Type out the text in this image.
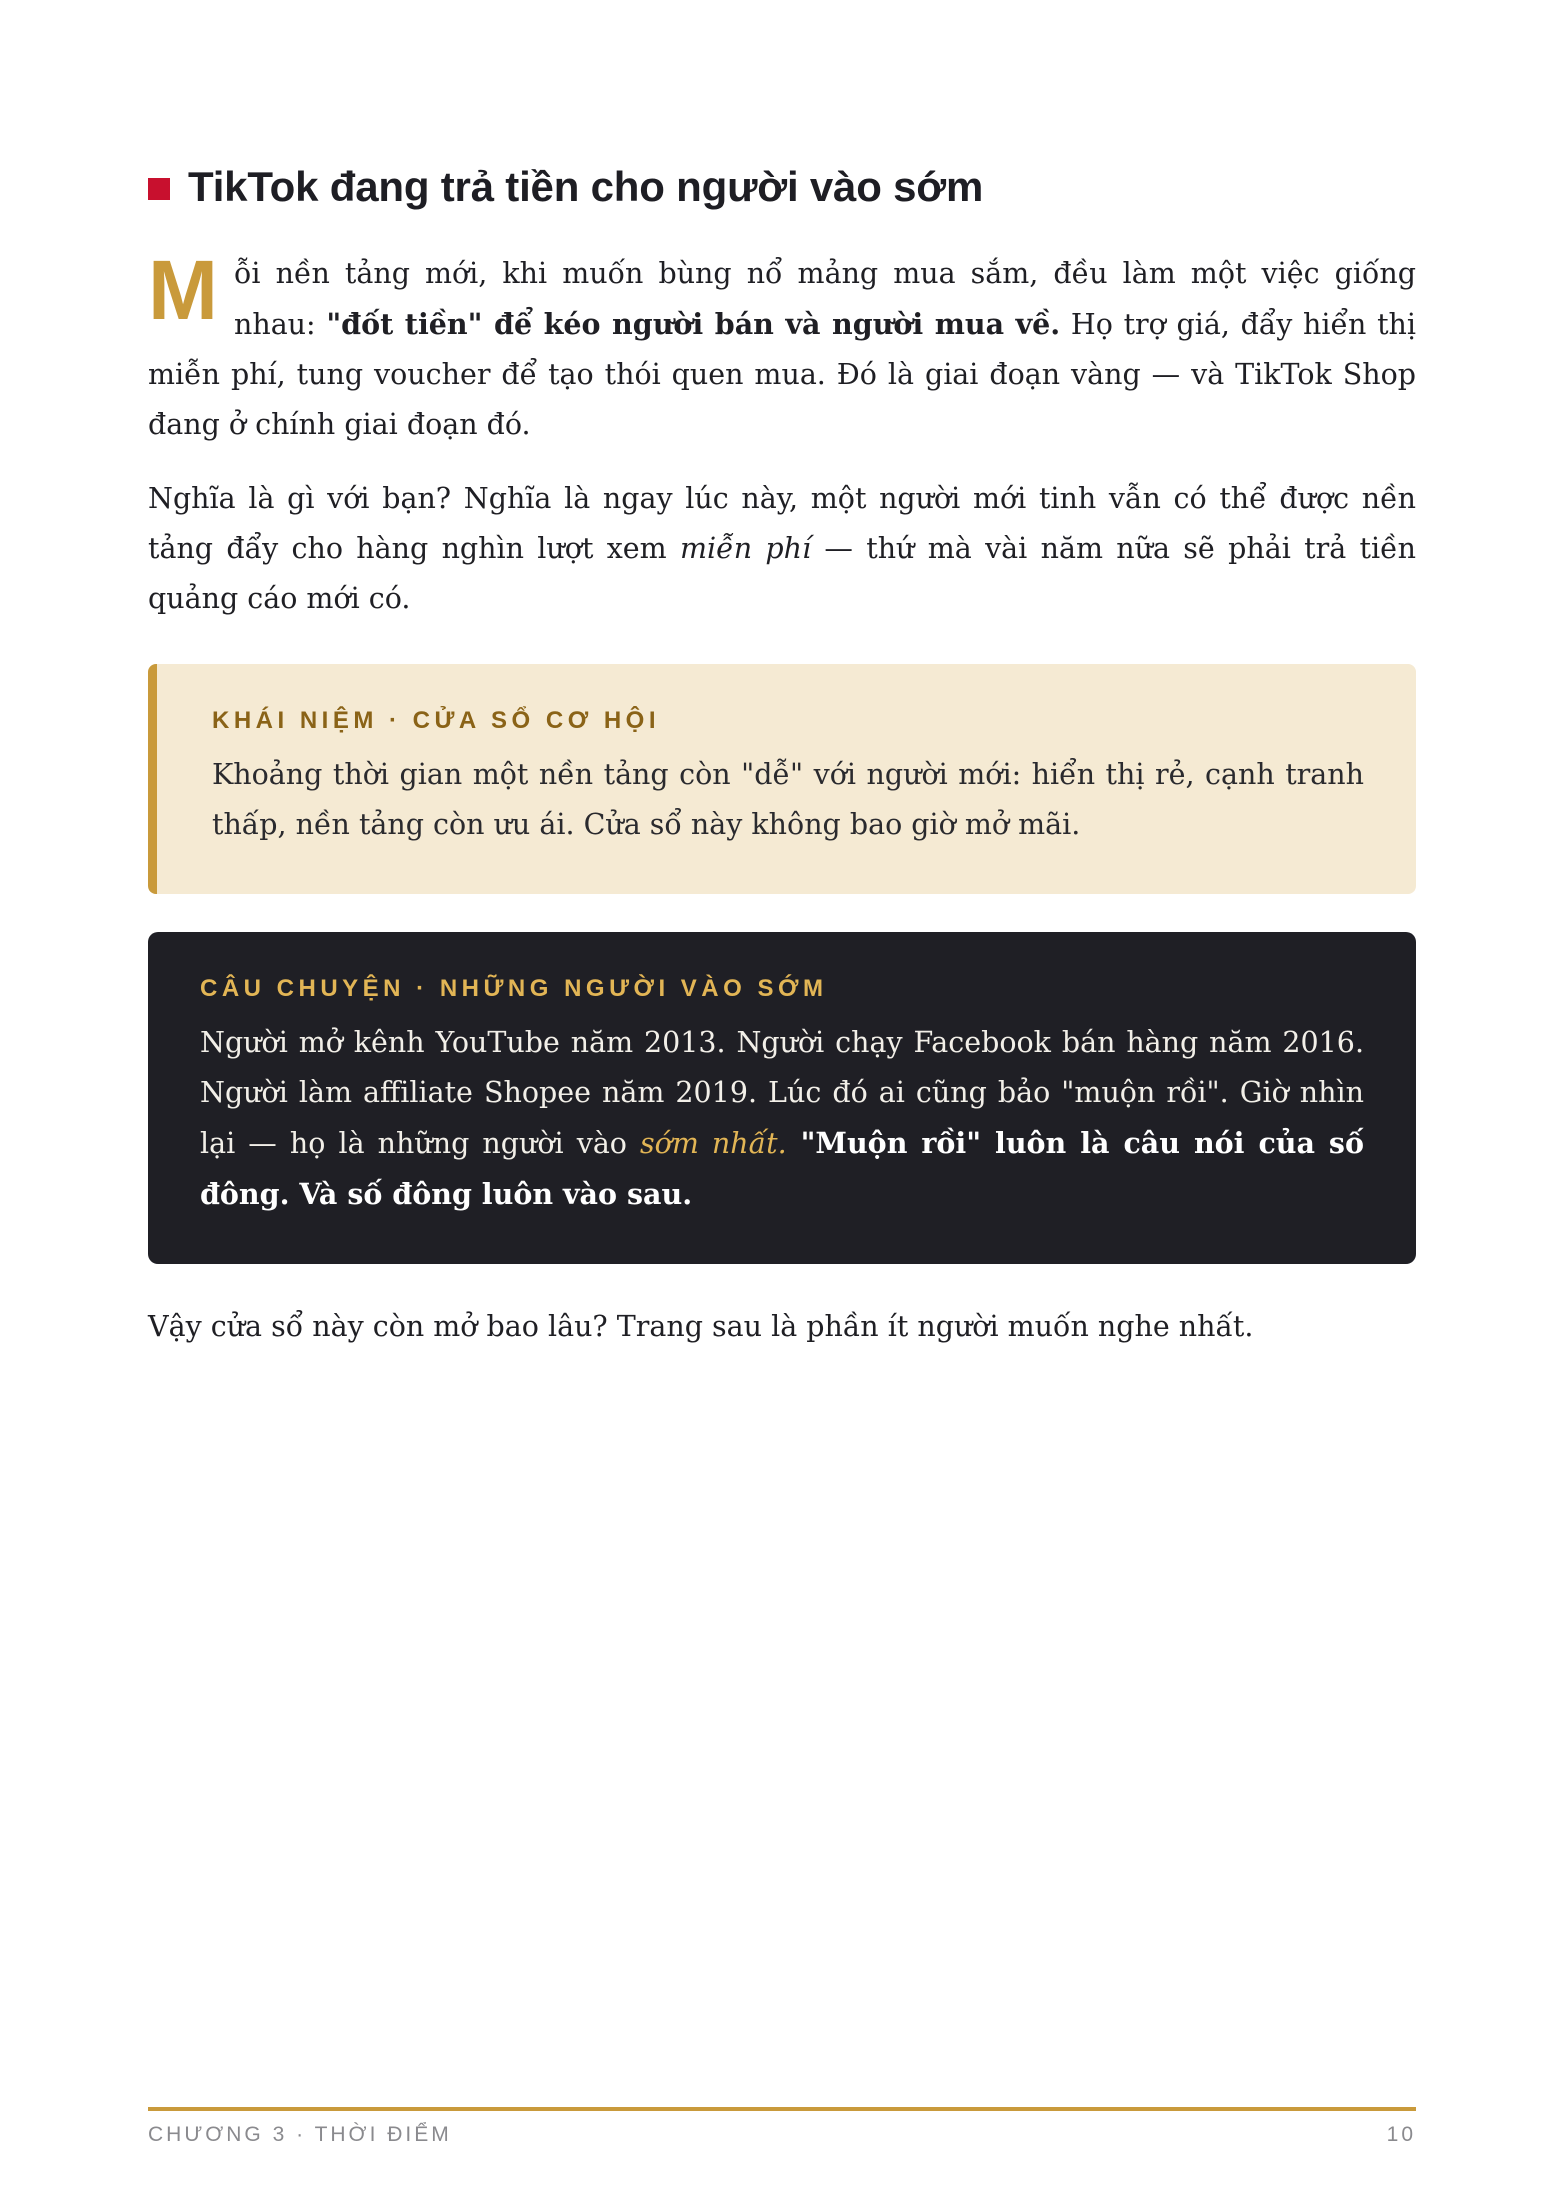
TikTok đang trả tiền cho người vào sớm

Mỗi nền tảng mới, khi muốn bùng nổ mảng mua sắm, đều làm một việc giống nhau: "đốt tiền" để kéo người bán và người mua về. Họ trợ giá, đẩy hiển thị miễn phí, tung voucher để tạo thói quen mua. Đó là giai đoạn vàng — và TikTok Shop đang ở chính giai đoạn đó.

Nghĩa là gì với bạn? Nghĩa là ngay lúc này, một người mới tinh vẫn có thể được nền tảng đẩy cho hàng nghìn lượt xem miễn phí — thứ mà vài năm nữa sẽ phải trả tiền quảng cáo mới có.

KHÁI NIỆM · CỬA SỔ CƠ HỘI

Khoảng thời gian một nền tảng còn "dễ" với người mới: hiển thị rẻ, cạnh tranh thấp, nền tảng còn ưu ái. Cửa sổ này không bao giờ mở mãi.

CÂU CHUYỆN · NHỮNG NGƯỜI VÀO SỚM

Người mở kênh YouTube năm 2013. Người chạy Facebook bán hàng năm 2016. Người làm affiliate Shopee năm 2019. Lúc đó ai cũng bảo "muộn rồi". Giờ nhìn lại — họ là những người vào sớm nhất. "Muộn rồi" luôn là câu nói của số đông. Và số đông luôn vào sau.

Vậy cửa sổ này còn mở bao lâu? Trang sau là phần ít người muốn nghe nhất.

CHƯƠNG 3 · THỜI ĐIỂM	10
